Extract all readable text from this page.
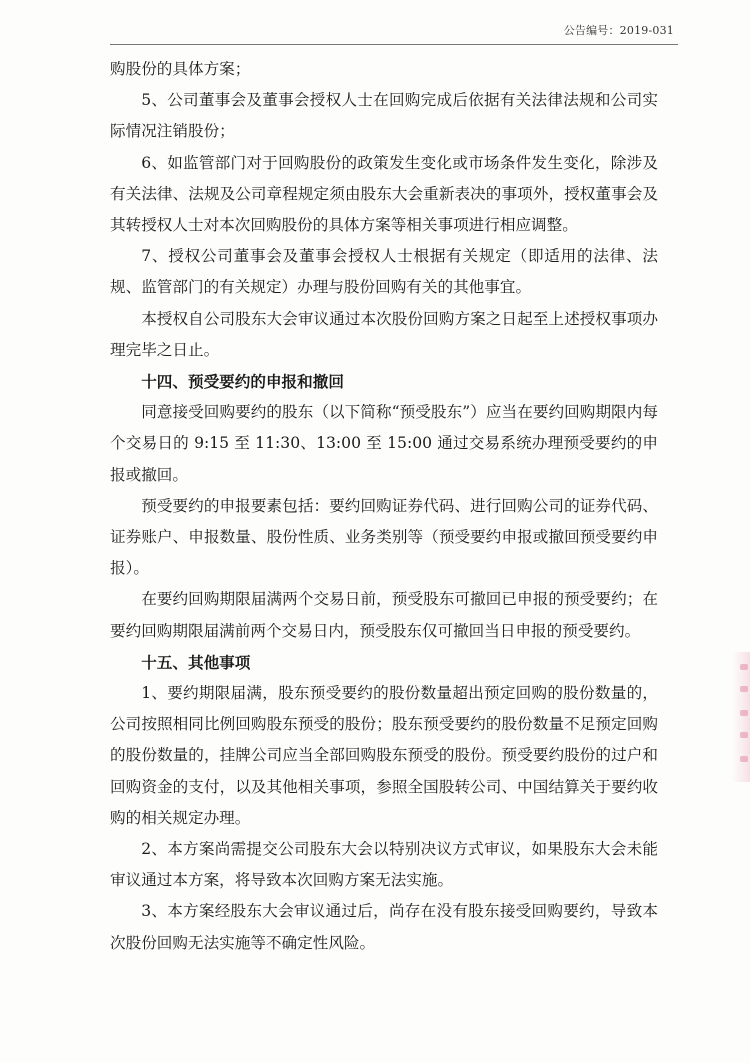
公告编号：2019-031

购股份的具体方案；

5、公司董事会及董事会授权人士在回购完成后依据有关法律法规和公司实际情况注销股份；

6、如监管部门对于回购股份的政策发生变化或市场条件发生变化，除涉及有关法律、法规及公司章程规定须由股东大会重新表决的事项外，授权董事会及其转授权人士对本次回购股份的具体方案等相关事项进行相应调整。

7、授权公司董事会及董事会授权人士根据有关规定（即适用的法律、法规、监管部门的有关规定）办理与股份回购有关的其他事宜。

本授权自公司股东大会审议通过本次股份回购方案之日起至上述授权事项办理完毕之日止。

十四、预受要约的申报和撤回

同意接受回购要约的股东（以下简称“预受股东”）应当在要约回购期限内每个交易日的 9:15 至 11:30、13:00 至 15:00 通过交易系统办理预受要约的申报或撤回。

预受要约的申报要素包括：要约回购证券代码、进行回购公司的证券代码、证券账户、申报数量、股份性质、业务类别等（预受要约申报或撤回预受要约申报）。

在要约回购期限届满两个交易日前，预受股东可撤回已申报的预受要约；在要约回购期限届满前两个交易日内，预受股东仅可撤回当日申报的预受要约。

十五、其他事项

1、要约期限届满，股东预受要约的股份数量超出预定回购的股份数量的，公司按照相同比例回购股东预受的股份；股东预受要约的股份数量不足预定回购的股份数量的，挂牌公司应当全部回购股东预受的股份。预受要约股份的过户和回购资金的支付，以及其他相关事项，参照全国股转公司、中国结算关于要约收购的相关规定办理。

2、本方案尚需提交公司股东大会以特别决议方式审议，如果股东大会未能审议通过本方案，将导致本次回购方案无法实施。

3、本方案经股东大会审议通过后，尚存在没有股东接受回购要约，导致本次股份回购无法实施等不确定性风险。
